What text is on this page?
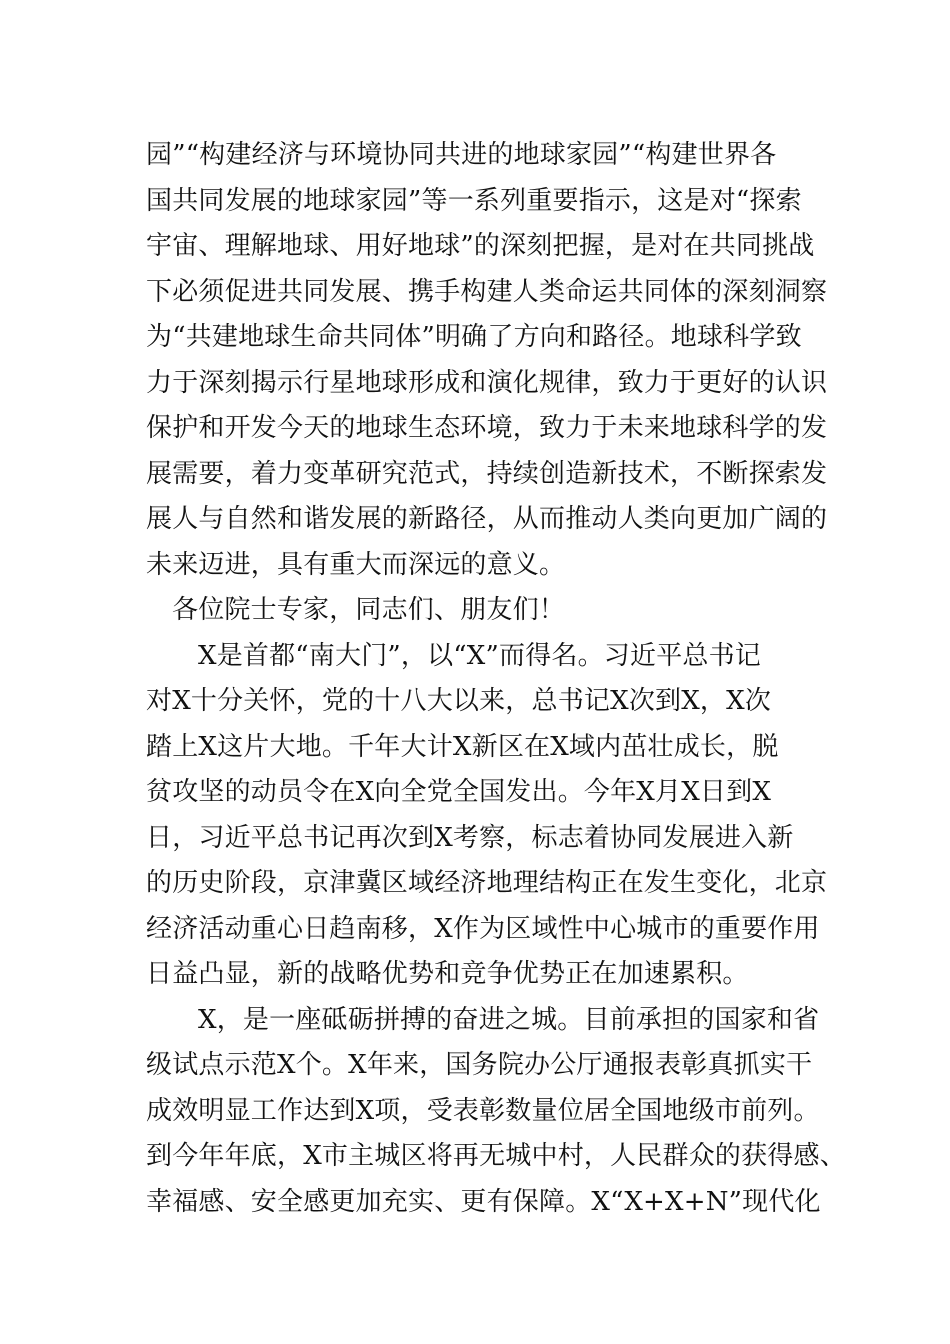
园”“构建经济与环境协同共进的地球家园”“构建世界各
国共同发展的地球家园”等一系列重要指示，这是对“探索
宇宙、理解地球、用好地球”的深刻把握，是对在共同挑战
下必须促进共同发展、携手构建人类命运共同体的深刻洞察
为“共建地球生命共同体”明确了方向和路径。地球科学致
力于深刻揭示行星地球形成和演化规律，致力于更好的认识
保护和开发今天的地球生态环境，致力于未来地球科学的发
展需要，着力变革研究范式，持续创造新技术，不断探索发
展人与自然和谐发展的新路径，从而推动人类向更加广阔的
未来迈进，具有重大而深远的意义。

各位院士专家，同志们、朋友们！

X是首都“南大门”，以“X”而得名。习近平总书记
对X十分关怀，党的十八大以来，总书记X次到X，X次
踏上X这片大地。千年大计X新区在X域内茁壮成长，脱
贫攻坚的动员令在X向全党全国发出。今年X月X日到X
日，习近平总书记再次到X考察，标志着协同发展进入新
的历史阶段，京津冀区域经济地理结构正在发生变化，北京
经济活动重心日趋南移，X作为区域性中心城市的重要作用
日益凸显，新的战略优势和竞争优势正在加速累积。

X，是一座砥砺拼搏的奋进之城。目前承担的国家和省
级试点示范X个。X年来，国务院办公厅通报表彰真抓实干
成效明显工作达到X项，受表彰数量位居全国地级市前列。
到今年年底，X市主城区将再无城中村，人民群众的获得感、
幸福感、安全感更加充实、更有保障。X“X+X+N”现代化
